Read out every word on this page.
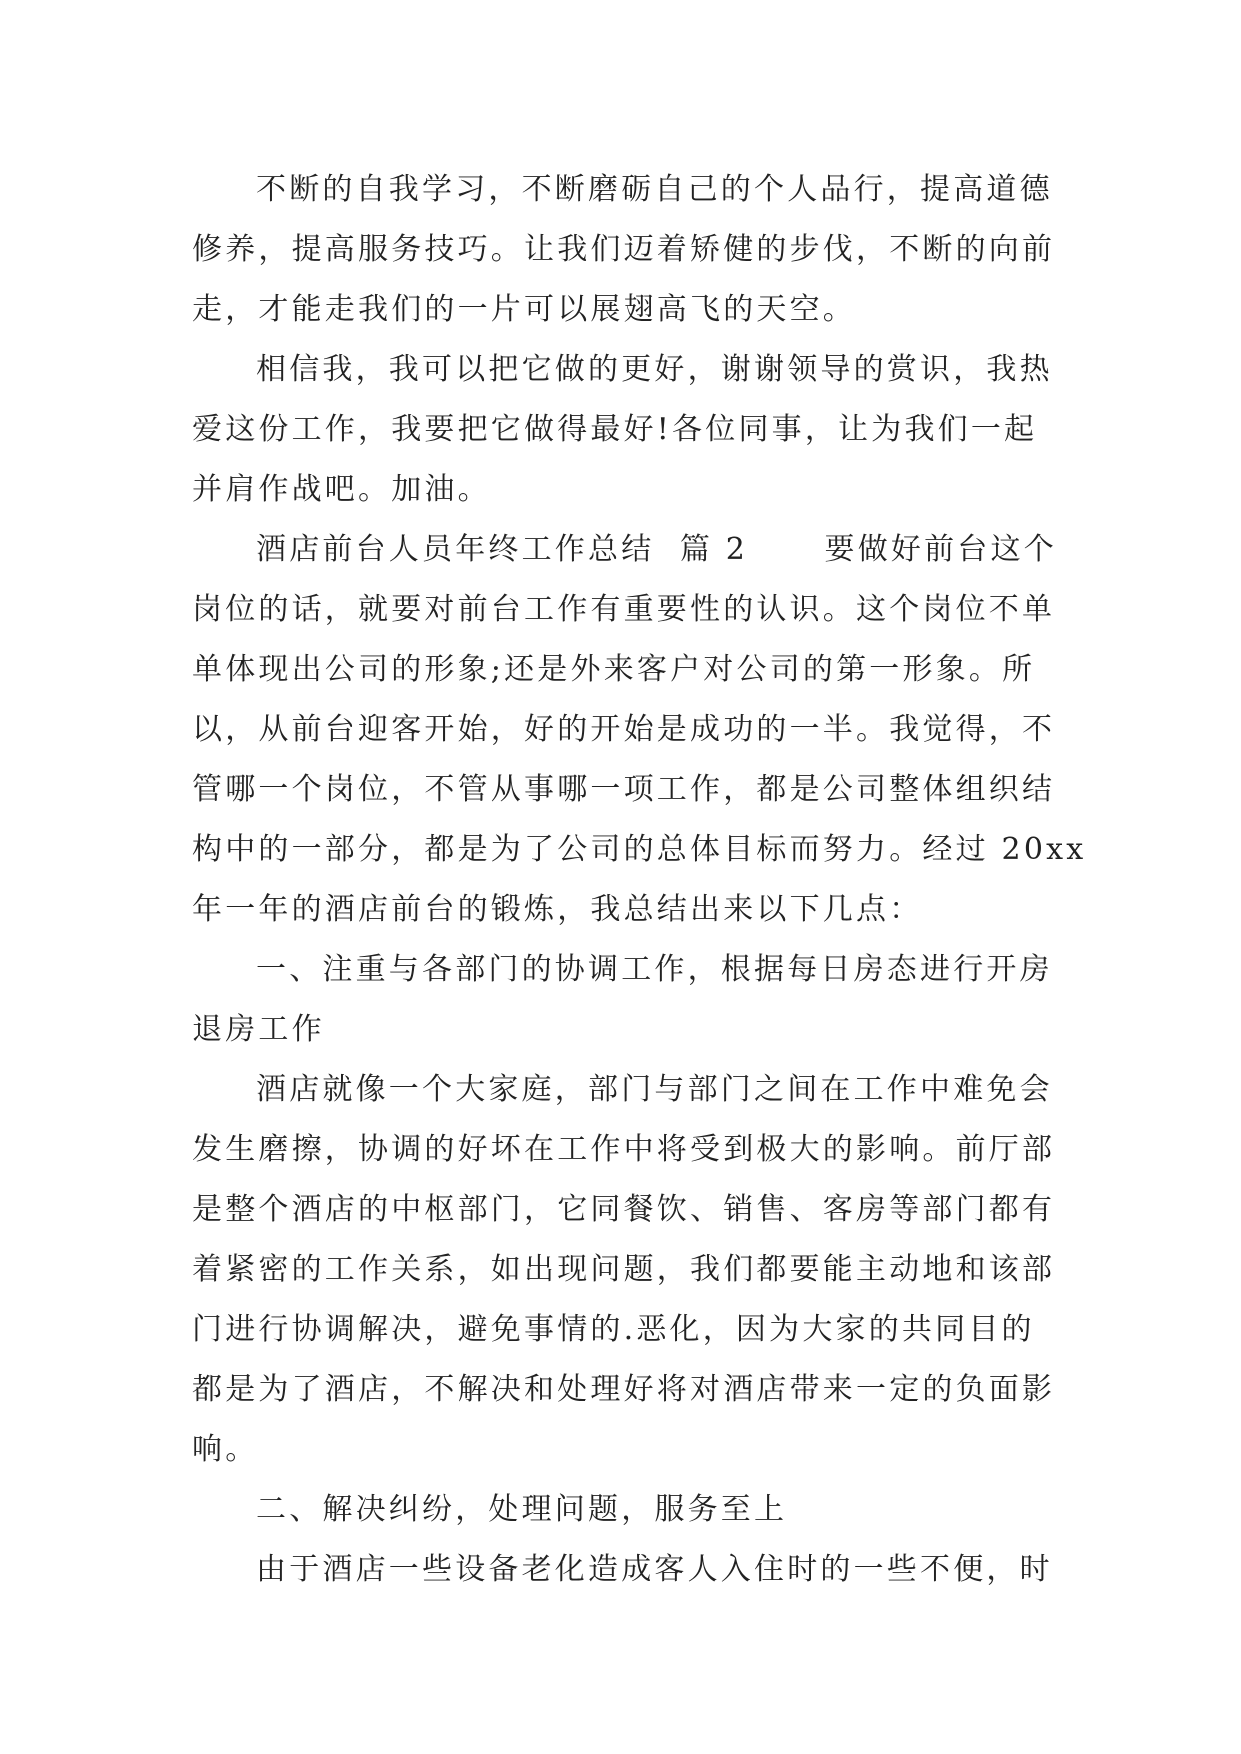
不断的自我学习，不断磨砺自己的个人品行，提高道德
修养，提高服务技巧。让我们迈着矫健的步伐，不断的向前
走，才能走我们的一片可以展翅高飞的天空。
相信我，我可以把它做的更好，谢谢领导的赏识，我热
爱这份工作，我要把它做得最好!各位同事，让为我们一起
并肩作战吧。加油。
酒店前台人员年终工作总结  篇 2      要做好前台这个
岗位的话，就要对前台工作有重要性的认识。这个岗位不单
单体现出公司的形象;还是外来客户对公司的第一形象。所
以，从前台迎客开始，好的开始是成功的一半。我觉得，不
管哪一个岗位，不管从事哪一项工作，都是公司整体组织结
构中的一部分，都是为了公司的总体目标而努力。经过 20xx
年一年的酒店前台的锻炼，我总结出来以下几点：
一、注重与各部门的协调工作，根据每日房态进行开房
退房工作
酒店就像一个大家庭，部门与部门之间在工作中难免会
发生磨擦，协调的好坏在工作中将受到极大的影响。前厅部
是整个酒店的中枢部门，它同餐饮、销售、客房等部门都有
着紧密的工作关系，如出现问题，我们都要能主动地和该部
门进行协调解决，避免事情的.恶化，因为大家的共同目的
都是为了酒店，不解决和处理好将对酒店带来一定的负面影
响。
二、解决纠纷，处理问题，服务至上
由于酒店一些设备老化造成客人入住时的一些不便，时
